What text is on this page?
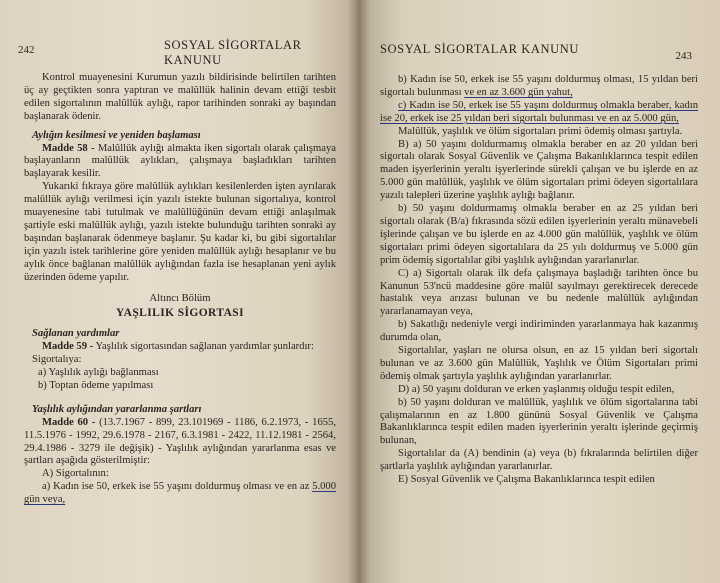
242	SOSYAL SİGORTALAR KANUNU

Kontrol muayenesini Kurumun yazılı bildirisinde belirtilen tarihten üç ay geçtikten sonra yaptıran ve malûllük halinin devam ettiği tesbit edilen sigortalının malûllük aylığı, rapor tarihinden sonraki ay başından başlanarak ödenir.

Aylığın kesilmesi ve yeniden başlaması

Madde 58 - Malûllük aylığı almakta iken sigortalı olarak çalışmaya başlayanların malûllük aylıkları, çalışmaya başladıkları tarihten başlayarak kesilir.

Yukarıki fıkraya göre malûllük aylıkları kesilenlerden işten ayrılarak malûllük aylığı verilmesi için yazılı istekte bulunan sigortalıya, kontrol muayenesine tabi tutulmak ve malûllüğünün devam ettiği anlaşılmak şartiyle eski malûllük aylığı, yazılı istekte bulunduğu tarihten sonraki ay başından başlanarak ödenmeye başlanır. Şu kadar ki, bu gibi sigortalılar için yazılı istek tarihlerine göre yeniden malûllük aylığı hesaplanır ve bu aylık önce bağlanan malûllük aylığından fazla ise hesaplanan yeni aylık üzerinden ödeme yapılır.

Altıncı Bölüm

YAŞLILIK SİGORTASI

Sağlanan yardımlar

Madde 59 - Yaşlılık sigortasından sağlanan yardımlar şunlardır:

Sigortalıya:

a) Yaşlılık aylığı bağlanması

b) Toptan ödeme yapılması

Yaşlılık aylığından yararlanma şartları

Madde 60 - (13.7.1967 - 899, 23.101969 - 1186, 6.2.1973, - 1655, 11.5.1976 - 1992, 29.6.1978 - 2167, 6.3.1981 - 2422, 11.12.1981 - 2564, 29.4.1986 - 3279 ile değişik) - Yaşlılık aylığından yararlanma esas ve şartları aşağıda gösterilmiştir:

A) Sigortalının:

a) Kadın ise 50, erkek ise 55 yaşını doldurmuş olması ve en az 5.000 gün veya,

SOSYAL SİGORTALAR KANUNU	243

b) Kadın ise 50, erkek ise 55 yaşını doldurmuş olması, 15 yıldan beri sigortalı bulunması ve en az 3.600 gün yahut,

c) Kadın ise 50, erkek ise 55 yaşını doldurmuş olmakla beraber, kadın ise 20, erkek ise 25 yıldan beri sigortalı bulunması ve en az 5.000 gün,

Malûllük, yaşlılık ve ölüm sigortaları primi ödemiş olması şartıyla.

B) a) 50 yaşını doldurmamış olmakla beraber en az 20 yıldan beri sigortalı olarak Sosyal Güvenlik ve Çalışma Bakanlıklarınca tespit edilen maden işyerlerinin yeraltı işyerlerinde sürekli çalışan ve bu işlerde en az 5.000 gün malûllük, yaşlılık ve ölüm sigortaları primi ödeyen sigortalılara yazılı talepleri üzerine yaşlılık aylığı bağlanır.

b) 50 yaşını doldurmamış olmakla beraber en az 25 yıldan beri sigortalı olarak (B/a) fıkrasında sözü edilen işyerlerinin yeraltı münavebeli işlerinde çalışan ve bu işlerde en az 4.000 gün malûllük, yaşlılık ve ölüm sigortaları primi ödeyen sigortalılara da 25 yılı doldurmuş ve 5.000 gün prim ödemiş sigortalılar gibi yaşlılık aylığından yararlanırlar.

C) a) Sigortalı olarak ilk defa çalışmaya başladığı tarihten önce bu Kanunun 53'ncü maddesine göre malûl sayılmayı gerektirecek derecede hastalık veya arızası bulunan ve bu nedenle malûllük aylığından yararlanamayan veya,

b) Sakatlığı nedeniyle vergi indiriminden yararlanmaya hak kazanmış durumda olan,

Sigortalılar, yaşları ne olursa olsun, en az 15 yıldan beri sigortalı bulunan ve az 3.600 gün Malûllük, Yaşlılık ve Ölüm Sigortaları primi ödemiş olmak şartıyla yaşlılık aylığından yararlanırlar.

D) a) 50 yaşını dolduran ve erken yaşlanmış olduğu tespit edilen,

b) 50 yaşını dolduran ve malûllük, yaşlılık ve ölüm sigortalarına tabi çalışmalarının en az 1.800 gününü Sosyal Güvenlik ve Çalışma Bakanlıklarınca tespit edilen maden işyerlerinin yeraltı işlerinde geçirmiş bulunan,

Sigortalılar da (A) bendinin (a) veya (b) fıkralarında belirtilen diğer şartlarla yaşlılık aylığından yararlanırlar.

E) Sosyal Güvenlik ve Çalışma Bakanlıklarınca tespit edilen
